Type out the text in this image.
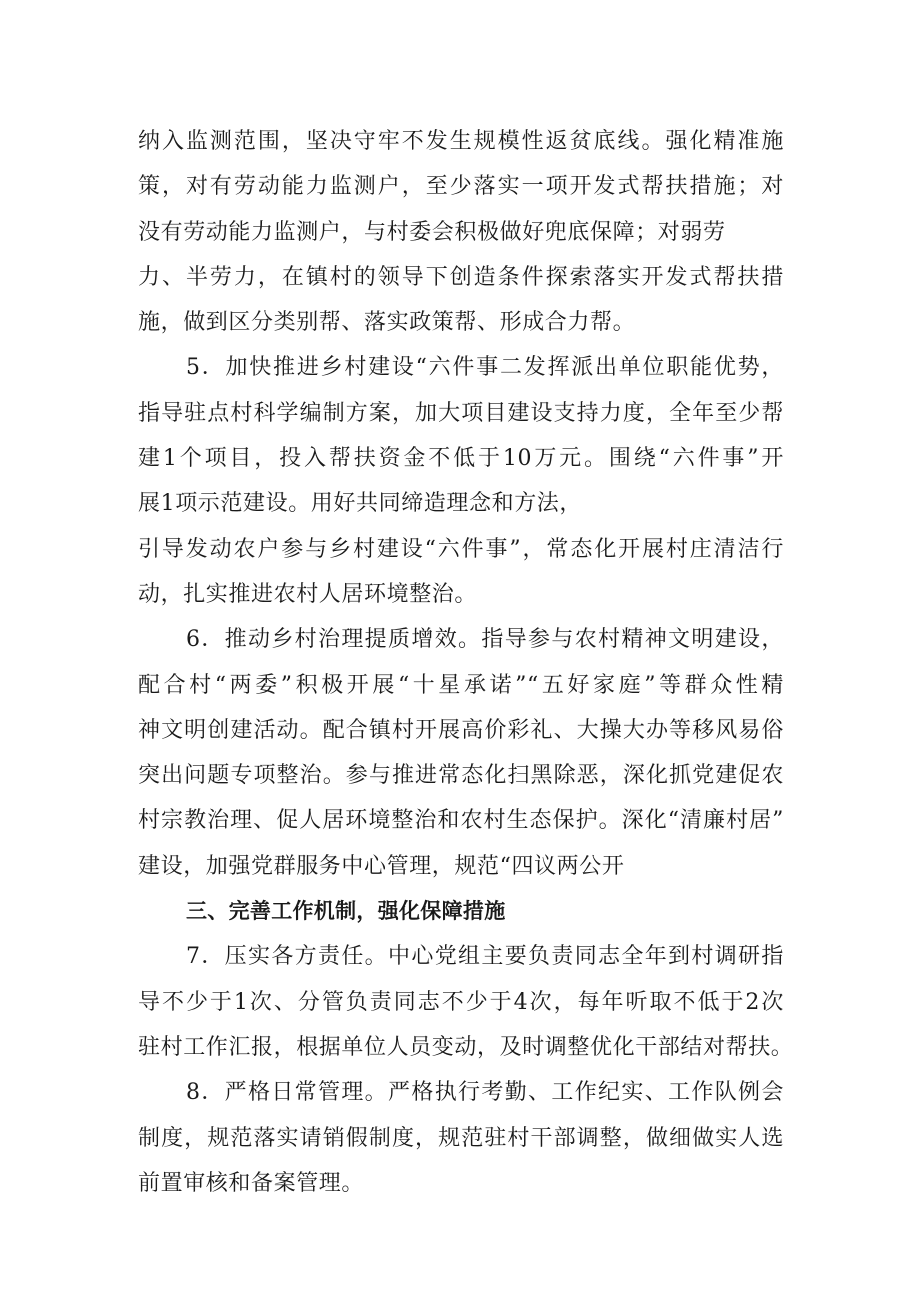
纳入监测范围，坚决守牢不发生规模性返贫底线。强化精准施
策，对有劳动能力监测户，至少落实一项开发式帮扶措施；对
没有劳动能力监测户，与村委会积极做好兜底保障；对弱劳
力、半劳力，在镇村的领导下创造条件探索落实开发式帮扶措
施，做到区分类别帮、落实政策帮、形成合力帮。
5．加快推进乡村建设“六件事二发挥派出单位职能优势，
指导驻点村科学编制方案，加大项目建设支持力度，全年至少帮
建1个项目，投入帮扶资金不低于10万元。围绕“六件事”开
展1项示范建设。用好共同缔造理念和方法，
引导发动农户参与乡村建设“六件事”，常态化开展村庄清洁行
动，扎实推进农村人居环境整治。
6．推动乡村治理提质增效。指导参与农村精神文明建设，
配合村“两委”积极开展“十星承诺”“五好家庭”等群众性精
神文明创建活动。配合镇村开展高价彩礼、大操大办等移风易俗
突出问题专项整治。参与推进常态化扫黑除恶，深化抓党建促农
村宗教治理、促人居环境整治和农村生态保护。深化“清廉村居”
建设，加强党群服务中心管理，规范“四议两公开
三、完善工作机制，强化保障措施
7．压实各方责任。中心党组主要负责同志全年到村调研指
导不少于1次、分管负责同志不少于4次，每年听取不低于2次
驻村工作汇报，根据单位人员变动，及时调整优化干部结对帮扶。
8．严格日常管理。严格执行考勤、工作纪实、工作队例会
制度，规范落实请销假制度，规范驻村干部调整，做细做实人选
前置审核和备案管理。
